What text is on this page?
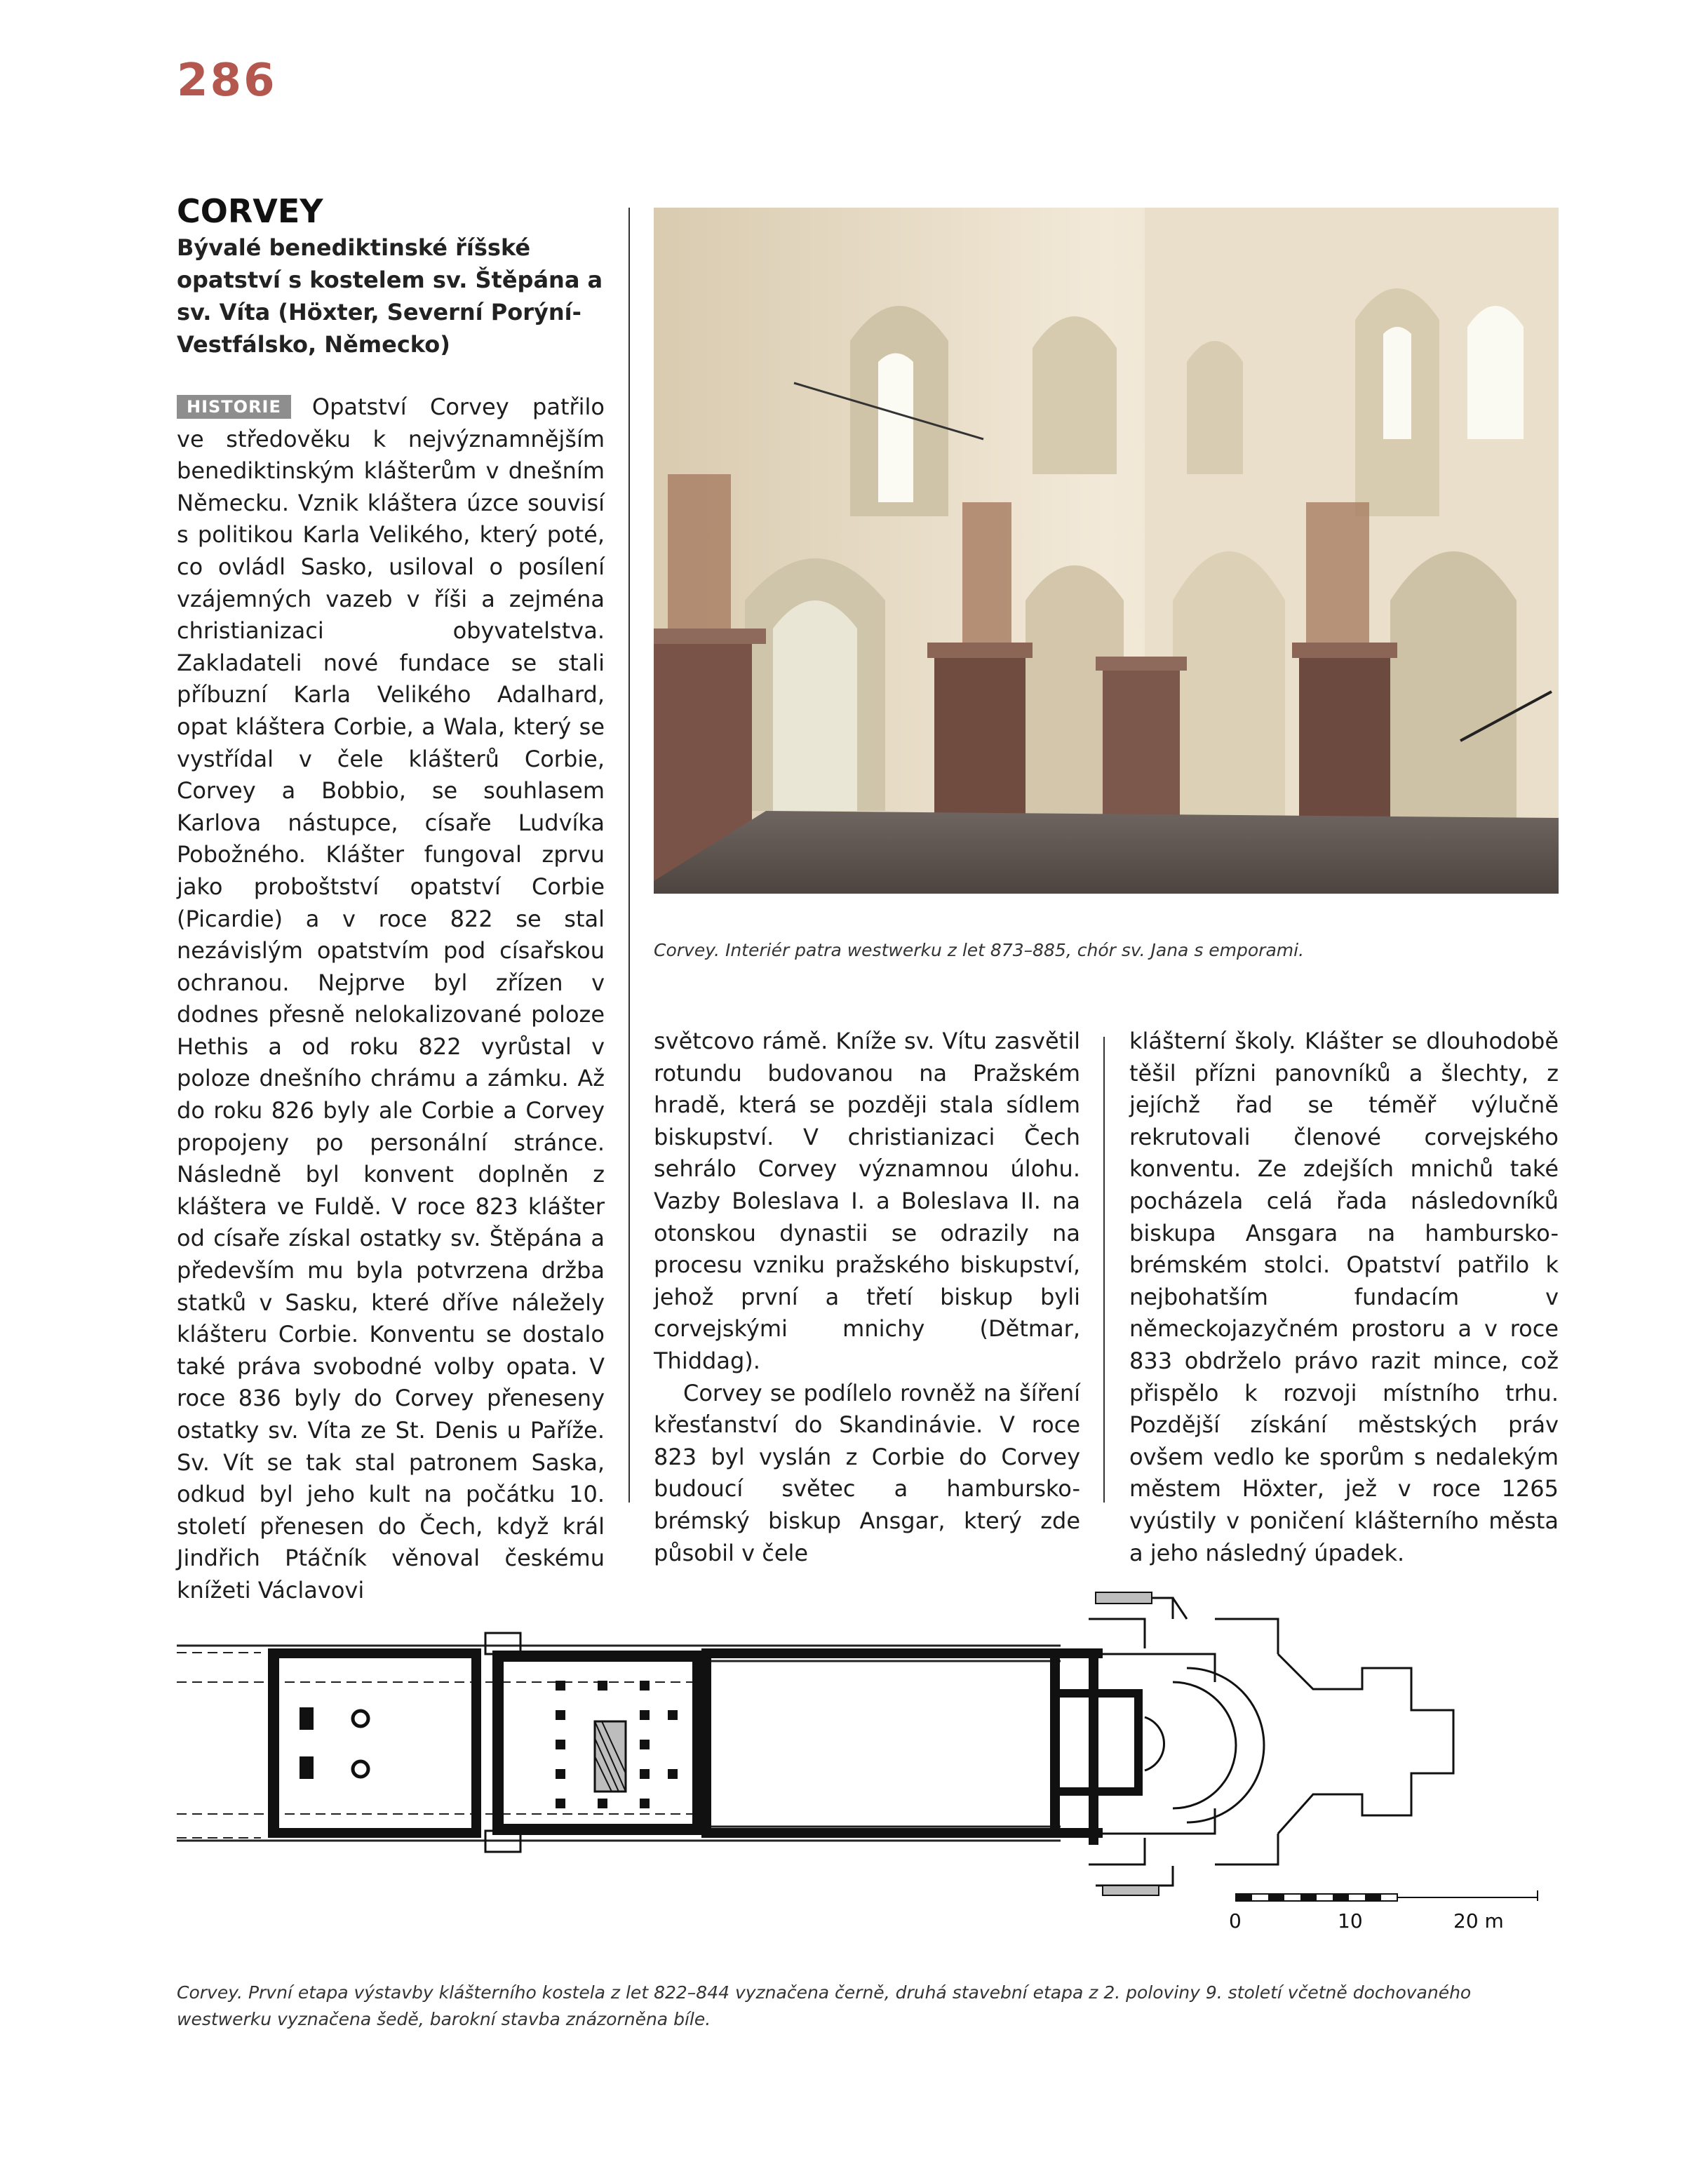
286
CORVEY
Bývalé benediktinské říšské opatství s kostelem sv. Štěpána a sv. Víta (Höxter, Severní Porýní-Vestfálsko, Německo)

HISTORIE Opatství Corvey patřilo ve středověku k nejvýznamnějším benediktinským klášterům v dnešním Německu. Vznik kláštera úzce souvisí s politikou Karla Velikého, který poté, co ovládl Sasko, usiloval o posílení vzájemných vazeb v říši a zejména christianizaci obyvatelstva. Zakladateli nové fundace se stali příbuzní Karla Velikého Adalhard, opat kláštera Corbie, a Wala, který se vystřídal v čele klášterů Corbie, Corvey a Bobbio, se souhlasem Karlova nástupce, císaře Ludvíka Pobožného. Klášter fungoval zprvu jako proboštství opatství Corbie (Picardie) a v roce 822 se stal nezávislým opatstvím pod císařskou ochranou. Nejprve byl zřízen v dodnes přesně nelokalizované poloze Hethis a od roku 822 vyrůstal v poloze dnešního chrámu a zámku. Až do roku 826 byly ale Corbie a Corvey propojeny po personální stránce. Následně byl konvent doplněn z kláštera ve Fuldě. V roce 823 klášter od císaře získal ostatky sv. Štěpána a především mu byla potvrzena držba statků v Sasku, které dříve náležely klášteru Corbie. Konventu se dostalo také práva svobodné volby opata. V roce 836 byly do Corvey přeneseny ostatky sv. Víta ze St. Denis u Paříže. Sv. Vít se tak stal patronem Saska, odkud byl jeho kult na počátku 10. století přenesen do Čech, když král Jindřich Ptáčník věnoval českému knížeti Václavovi

Corvey. Interiér patra westwerku z let 873–885, chór sv. Jana s emporami.

světcovo rámě. Kníže sv. Vítu zasvětil rotundu budovanou na Pražském hradě, která se později stala sídlem biskupství. V christianizaci Čech sehrálo Corvey významnou úlohu. Vazby Boleslava I. a Boleslava II. na otonskou dynastii se odrazily na procesu vzniku pražského biskupství, jehož první a třetí biskup byli corvejskými mnichy (Dětmar, Thiddag).

Corvey se podílelo rovněž na šíření křesťanství do Skandinávie. V roce 823 byl vyslán z Corbie do Corvey budoucí světec a hambursko-brémský biskup Ansgar, který zde působil v čele

klášterní školy. Klášter se dlouhodobě těšil přízni panovníků a šlechty, z jejíchž řad se téměř výlučně rekrutovali členové corvejského konventu. Ze zdejších mnichů také pocházela celá řada následovníků biskupa Ansgara na hambursko-brémském stolci. Opatství patřilo k nejbohatším fundacím v německojazyčném prostoru a v roce 833 obdrželo právo razit mince, což přispělo k rozvoji místního trhu. Pozdější získání městských práv ovšem vedlo ke sporům s nedalekým městem Höxter, jež v roce 1265 vyústily v poničení klášterního města a jeho následný úpadek.

0	10	20 m
Corvey. První etapa výstavby klášterního kostela z let 822–844 vyznačena černě, druhá stavební etapa z 2. poloviny 9. století včetně dochovaného westwerku vyznačena šedě, barokní stavba znázorněna bíle.
